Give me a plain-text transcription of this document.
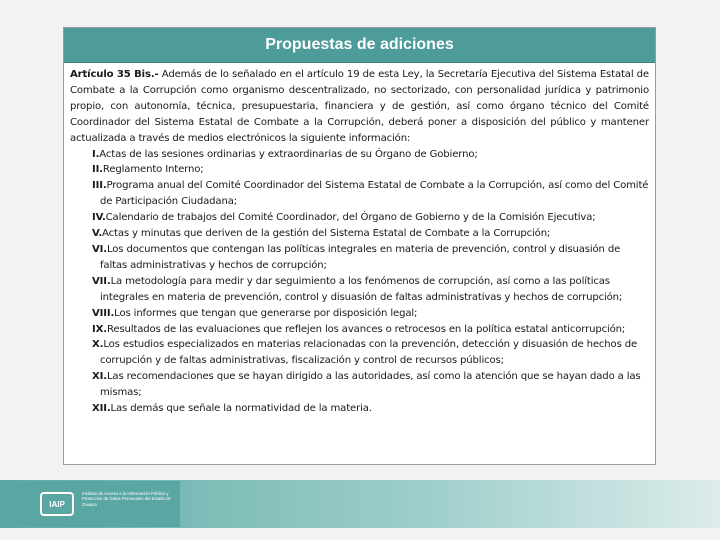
Propuestas de adiciones

Artículo 35 Bis.- Además de lo señalado en el artículo 19 de esta Ley, la Secretaría Ejecutiva del Sistema Estatal de Combate a la Corrupción como organismo descentralizado, no sectorizado, con personalidad jurídica y patrimonio propio, con autonomía, técnica, presupuestaria, financiera y de gestión, así como órgano técnico del Comité Coordinador del Sistema Estatal de Combate a la Corrupción, deberá poner a disposición del público y mantener actualizada a través de medios electrónicos la siguiente información:

I.Actas de las sesiones ordinarias y extraordinarias de su Órgano de Gobierno;
II.Reglamento Interno;
III.Programa anual del Comité Coordinador del Sistema Estatal de Combate a la Corrupción, así como del Comité de Participación Ciudadana;
IV.Calendario de trabajos del Comité Coordinador, del Órgano de Gobierno y de la Comisión Ejecutiva;
V.Actas y minutas que deriven de la gestión del Sistema Estatal de Combate a la Corrupción;
VI.Los documentos que contengan las políticas integrales en materia de prevención, control y disuasión de faltas administrativas y hechos de corrupción;
VII.La metodología para medir y dar seguimiento a los fenómenos de corrupción, así como a las políticas integrales en materia de prevención, control y disuasión de faltas administrativas y hechos de corrupción;
VIII.Los informes que tengan que generarse por disposición legal;
IX.Resultados de las evaluaciones que reflejen los avances o retrocesos en la política estatal anticorrupción;
X.Los estudios especializados en materias relacionadas con la prevención, detección y disuasión de hechos de corrupción y de faltas administrativas, fiscalización y control de recursos públicos;
XI.Las recomendaciones que se hayan dirigido a las autoridades, así como la atención que se hayan dado a las mismas;
XII.Las demás que señale la normatividad de la materia.
IAIP
Instituto de Acceso a la Información Pública y Protección de Datos Personales del Estado de Oaxaca
